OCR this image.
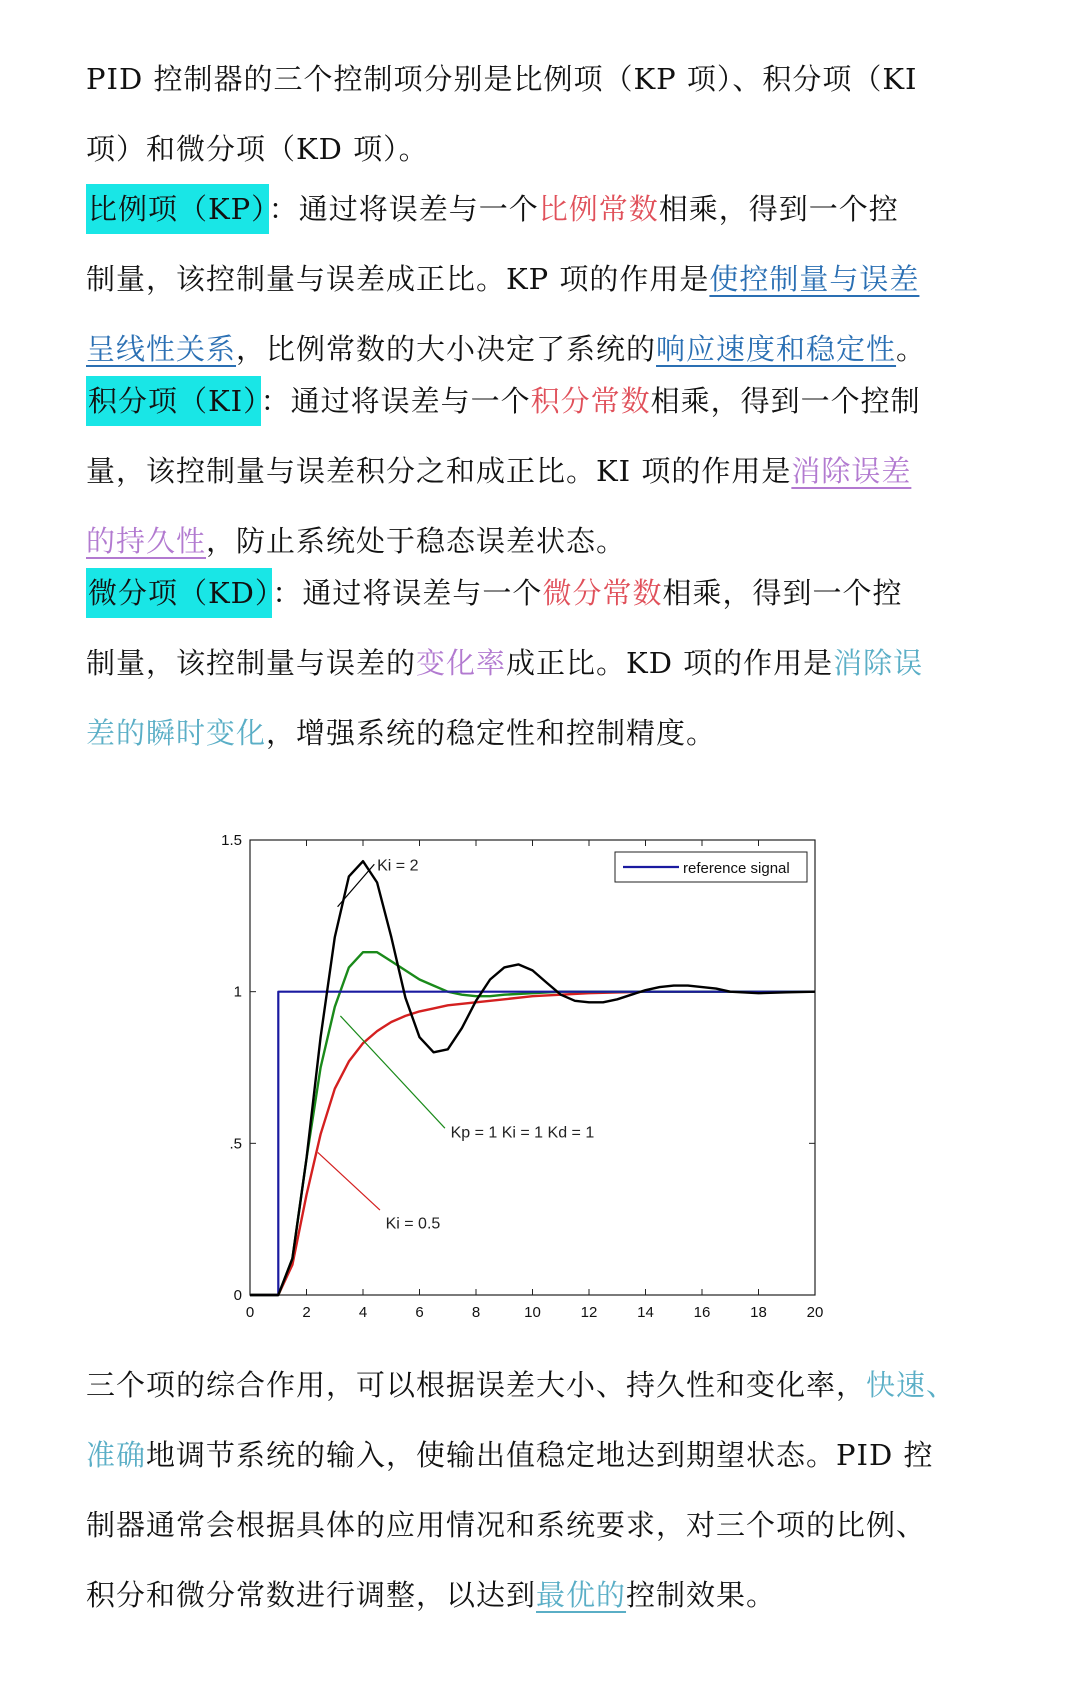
PID 控制器的三个控制项分别是比例项（KP 项）、积分项（KI
项）和微分项（KD 项）。
比例项（KP）：通过将误差与一个比例常数相乘，得到一个控
制量，该控制量与误差成正比。KP 项的作用是使控制量与误差
呈线性关系，比例常数的大小决定了系统的响应速度和稳定性。
积分项（KI）：通过将误差与一个积分常数相乘，得到一个控制
量，该控制量与误差积分之和成正比。KI 项的作用是消除误差
的持久性，防止系统处于稳态误差状态。
微分项（KD）：通过将误差与一个微分常数相乘，得到一个控
制量，该控制量与误差的变化率成正比。KD 项的作用是消除误
差的瞬时变化，增强系统的稳定性和控制精度。
0	2	4	6	8	10	12	14	16	18	20
0
.5
1
1.5
reference signal
Ki = 2
Kp = 1 Ki = 1 Kd = 1
Ki = 0.5
三个项的综合作用，可以根据误差大小、持久性和变化率，快速、
准确地调节系统的输入，使输出值稳定地达到期望状态。PID 控
制器通常会根据具体的应用情况和系统要求，对三个项的比例、
积分和微分常数进行调整，以达到最优的控制效果。
